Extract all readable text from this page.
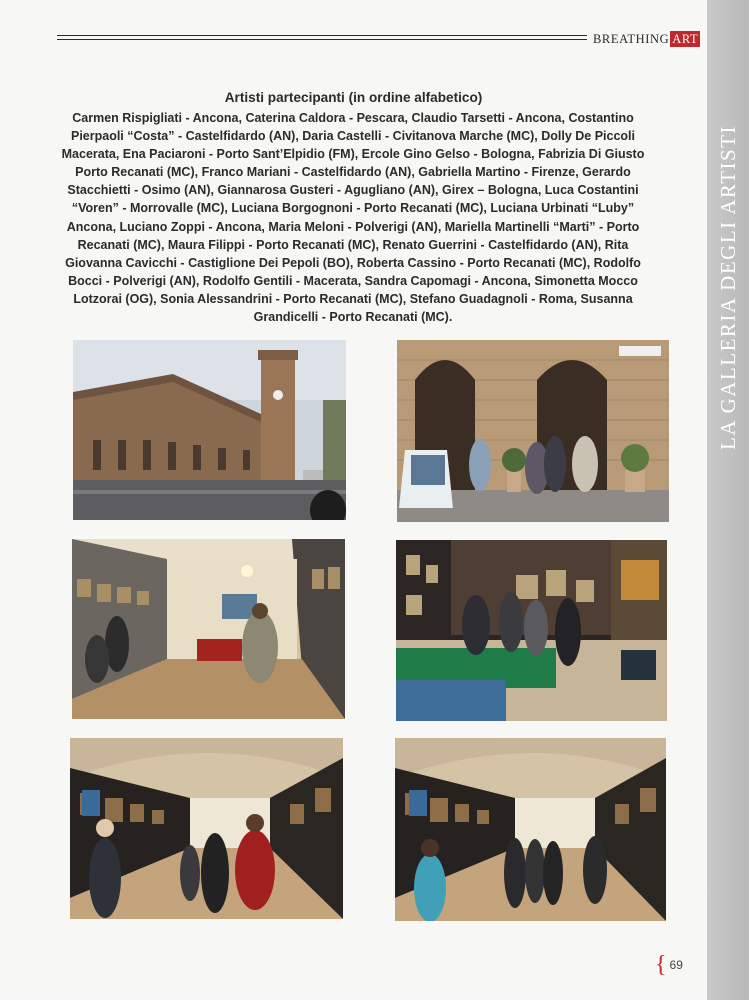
BREATHING ART
Artisti partecipanti (in ordine alfabetico)
Carmen Rispigliati - Ancona, Caterina Caldora - Pescara, Claudio Tarsetti - Ancona, Costantino Pierpaoli “Costa” - Castelfidardo (AN), Daria Castelli - Civitanova Marche (MC), Dolly De Piccoli Macerata, Ena Paciaroni - Porto Sant’Elpidio (FM), Ercole Gino Gelso - Bologna, Fabrizia Di Giusto Porto Recanati (MC), Franco Mariani - Castelfidardo (AN), Gabriella Martino - Firenze, Gerardo Stacchietti - Osimo (AN), Giannarosa Gusteri - Agugliano (AN), Girex – Bologna, Luca Costantini “Voren” - Morrovalle (MC), Luciana Borgognoni - Porto Recanati (MC), Luciana Urbinati “Luby” Ancona, Luciano Zoppi - Ancona, Maria Meloni - Polverigi (AN), Mariella Martinelli “Marti” - Porto Recanati (MC), Maura Filippi - Porto Recanati (MC), Renato Guerrini - Castelfidardo (AN), Rita Giovanna Cavicchi - Castiglione Dei Pepoli (BO), Roberta Cassino - Porto Recanati (MC), Rodolfo Bocci - Polverigi (AN), Rodolfo Gentili - Macerata, Sandra Capomagi - Ancona, Simonetta Mocco Lotzorai (OG), Sonia Alessandrini - Porto Recanati (MC), Stefano Guadagnoli - Roma, Susanna Grandicelli - Porto Recanati (MC).
{ 69
LA GALLERIA DEGLI ARTISTI
